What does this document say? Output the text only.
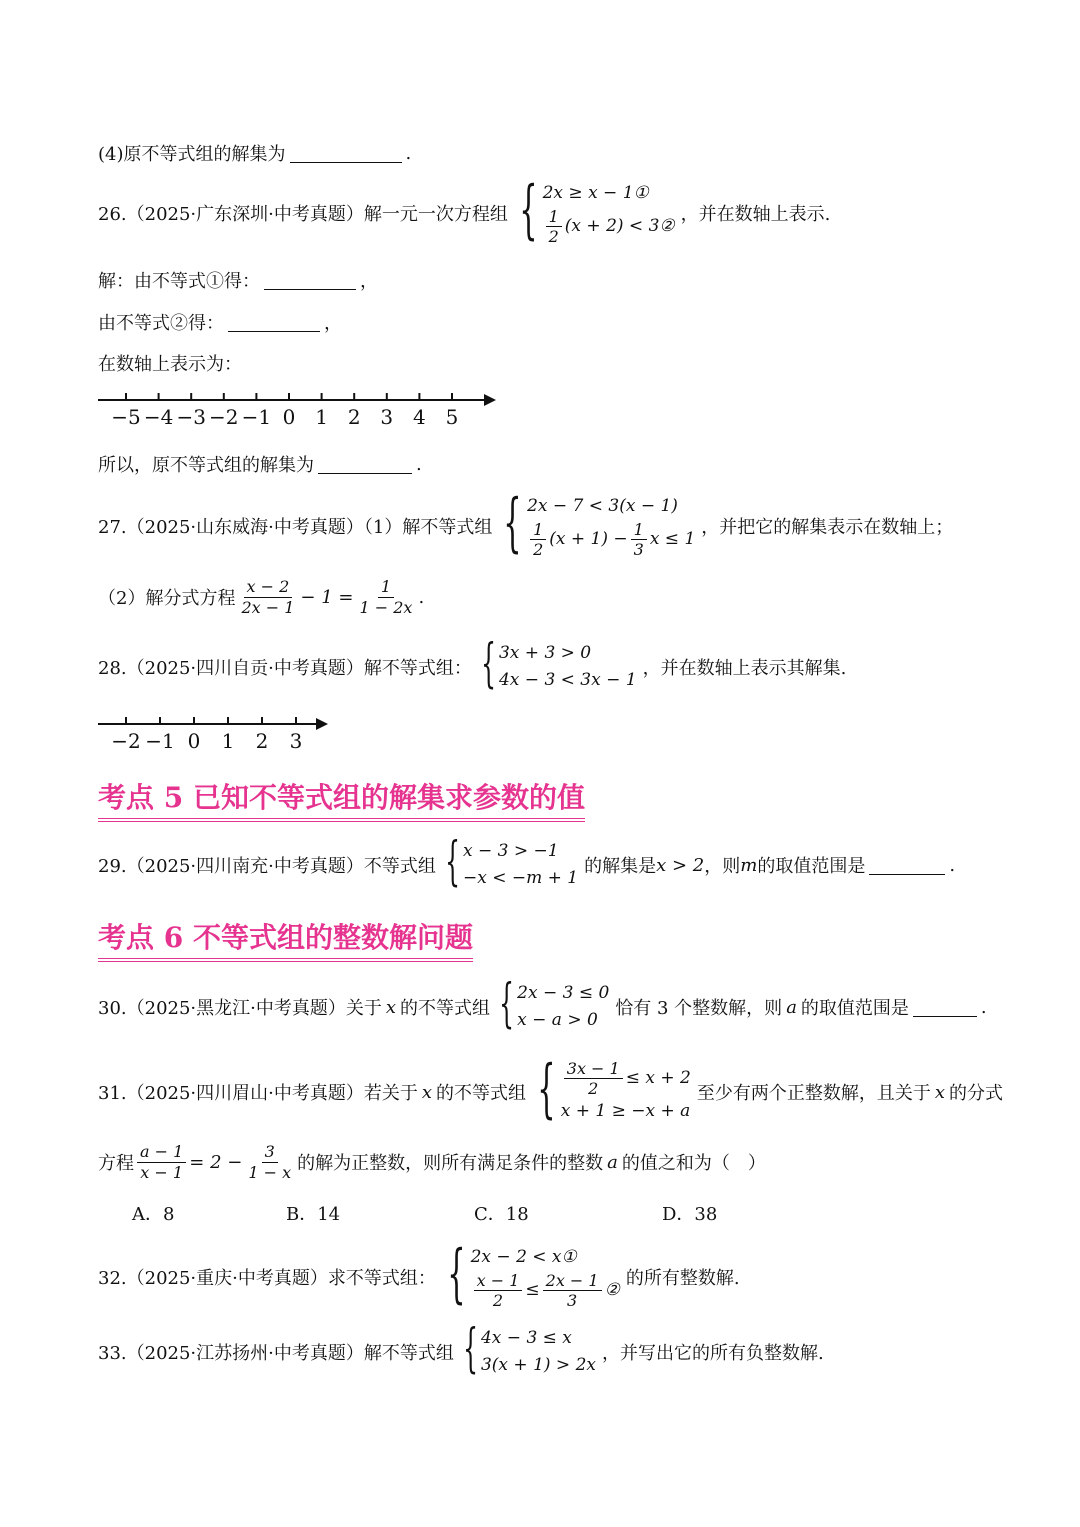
(4)原不等式组的解集为	.
26.（2025·广东深圳·中考真题）解一元一次方程组 { 2x ≥ x − 1①
$\frac{1}{2} (x + 2)$ < 3②
，并在数轴上表示.
解：由不等式①得：	，
由不等式②得：	，
在数轴上表示为：
−5 −4 −3 −2 −1 0 1 2 3 4 5
所以，原不等式组的解集为	.
27.（2025·山东威海·中考真题）（1）解不等式组 { 2x − 7 < 3(x − 1)
$\frac{1}{2} (x + 1) - \frac{1}{3}$ x ≤ 1
，并把它的解集表示在数轴上；
（2）解分式方程 $\frac{x - 2}{2x - 1} - 1 = \frac{1}{1 - 2x}$ .
28.（2025·四川自贡·中考真题）解不等式组： { 3x + 3 > 0
4x − 3 < 3x − 1
，并在数轴上表示其解集.
−2 −1 0 1 2 3
考点 5 已知不等式组的解集求参数的值
29.（2025·四川南充·中考真题）不等式组 { x − 3 > −1
−x < −m + 1
的解集是 x > 2 ，则 m 的取值范围是	.
考点 6 不等式组的整数解问题
30.（2025·黑龙江·中考真题）关于 x 的不等式组 { 2x − 3 ≤ 0
x − a > 0
恰有 3 个整数解，则 a 的取值范围是	.
31.（2025·四川眉山·中考真题）若关于 x 的不等式组 { $\frac{3x - 1}{2} \le x + 2$
x + 1 ≥ −x + a
至少有两个正整数解，且关于 x 的分式
方程 $\frac{a - 1}{x - 1} = 2 - \frac{3}{1 - x}$ 的解为正整数，则所有满足条件的整数 a 的值之和为（　）
A．8	B．14	C．18	D．38
32.（2025·重庆·中考真题）求不等式组： { 2x − 2 < x①
$\frac{x - 1}{2} \le \frac{2x - 1}{3}$ ②
的所有整数解.
33.（2025·江苏扬州·中考真题）解不等式组 { 4x − 3 ≤ x
3(x + 1) > 2x
，并写出它的所有负整数解.
